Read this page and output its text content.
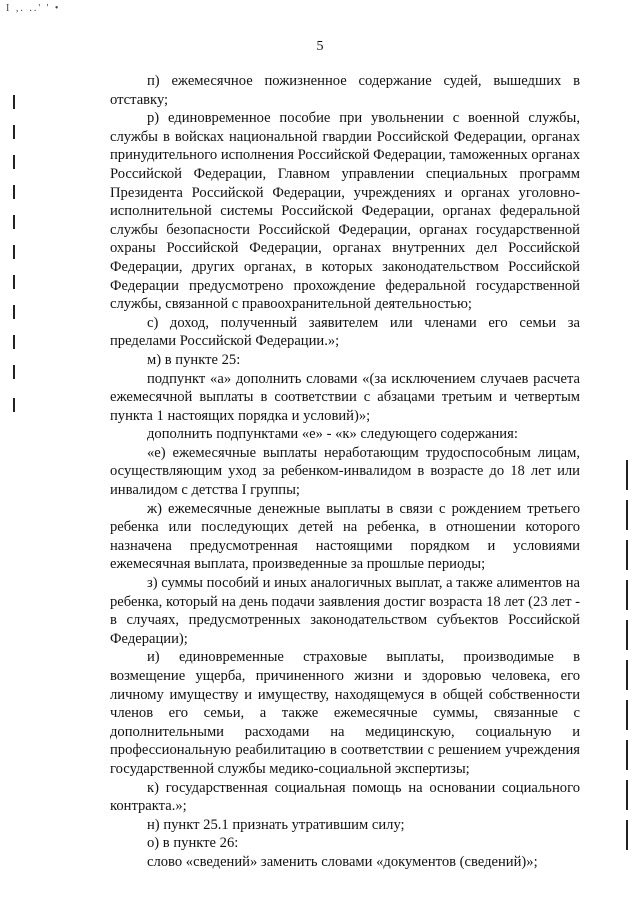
I ,. ..' ' •
5

п) ежемесячное пожизненное содержание судей, вышедших в отставку;

р) единовременное пособие при увольнении с военной службы, службы в войсках национальной гвардии Российской Федерации, органах принудительного исполнения Российской Федерации, таможенных органах Российской Федерации, Главном управлении специальных программ Президента Российской Федерации, учреждениях и органах уголовно-исполнительной системы Российской Федерации, органах федеральной службы безопасности Российской Федерации, органах государственной охраны Российской Федерации, органах внутренних дел Российской Федерации, других органах, в которых законодательством Российской Федерации предусмотрено прохождение федеральной государственной службы, связанной с правоохранительной деятельностью;

с) доход, полученный заявителем или членами его семьи за пределами Российской Федерации.»;

м) в пункте 25:

подпункт «а» дополнить словами «(за исключением случаев расчета ежемесячной выплаты в соответствии с абзацами третьим и четвертым пункта 1 настоящих порядка и условий)»;

дополнить подпунктами «е» - «к» следующего содержания:

«е) ежемесячные выплаты неработающим трудоспособным лицам, осуществляющим уход за ребенком-инвалидом в возрасте до 18 лет или инвалидом с детства I группы;

ж) ежемесячные денежные выплаты в связи с рождением третьего ребенка или последующих детей на ребенка, в отношении которого назначена предусмотренная настоящими порядком и условиями ежемесячная выплата, произведенные за прошлые периоды;

з) суммы пособий и иных аналогичных выплат, а также алиментов на ребенка, который на день подачи заявления достиг возраста 18 лет (23 лет - в случаях, предусмотренных законодательством субъектов Российской Федерации);

и) единовременные страховые выплаты, производимые в возмещение ущерба, причиненного жизни и здоровью человека, его личному имуществу и имуществу, находящемуся в общей собственности членов его семьи, а также ежемесячные суммы, связанные с дополнительными расходами на медицинскую, социальную и профессиональную реабилитацию в соответствии с решением учреждения государственной службы медико-социальной экспертизы;

к) государственная социальная помощь на основании социального контракта.»;

н) пункт 25.1 признать утратившим силу;

о) в пункте 26:

слово «сведений» заменить словами «документов (сведений)»;
